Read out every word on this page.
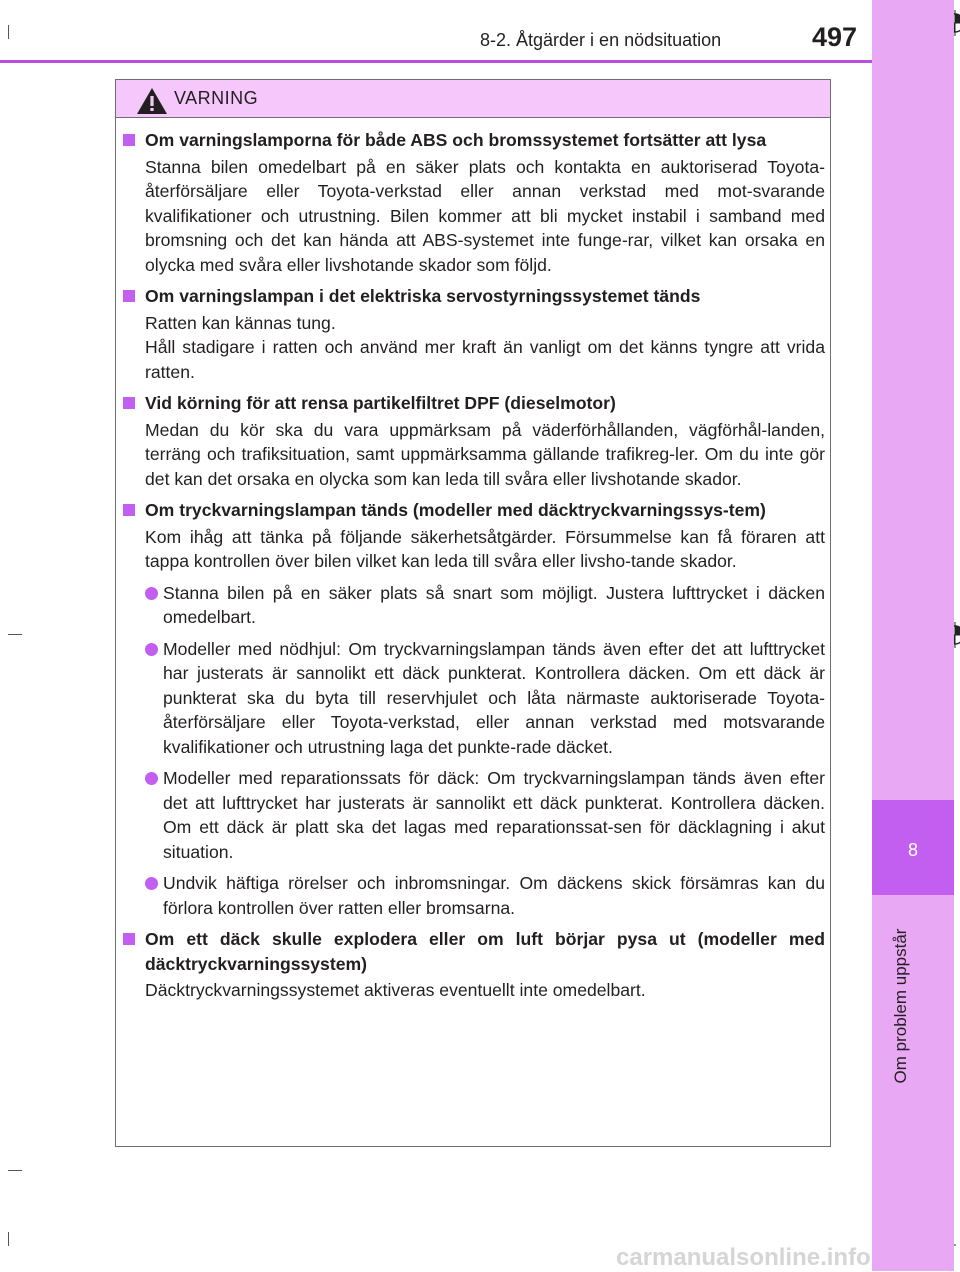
8
Om problem uppstår
8-2. Åtgärder i en nödsituation	497
VARNING
Om varningslamporna för både ABS och bromssystemet fortsätter att lysa
Stanna bilen omedelbart på en säker plats och kontakta en auktoriserad Toyota-återförsäljare eller Toyota-verkstad eller annan verkstad med mot-svarande kvalifikationer och utrustning. Bilen kommer att bli mycket instabil i samband med bromsning och det kan hända att ABS-systemet inte funge-rar, vilket kan orsaka en olycka med svåra eller livshotande skador som följd.
Om varningslampan i det elektriska servostyrningssystemet tänds
Ratten kan kännas tung.
Håll stadigare i ratten och använd mer kraft än vanligt om det känns tyngre att vrida ratten.
Vid körning för att rensa partikelfiltret DPF (dieselmotor)
Medan du kör ska du vara uppmärksam på väderförhållanden, vägförhål-landen, terräng och trafiksituation, samt uppmärksamma gällande trafikreg-ler. Om du inte gör det kan det orsaka en olycka som kan leda till svåra eller livshotande skador.
Om tryckvarningslampan tänds (modeller med däcktryckvarningssys-tem)
Kom ihåg att tänka på följande säkerhetsåtgärder. Försummelse kan få föraren att tappa kontrollen över bilen vilket kan leda till svåra eller livsho-tande skador.
Stanna bilen på en säker plats så snart som möjligt. Justera lufttrycket i däcken omedelbart.
Modeller med nödhjul: Om tryckvarningslampan tänds även efter det att lufttrycket har justerats är sannolikt ett däck punkterat. Kontrollera däcken. Om ett däck är punkterat ska du byta till reservhjulet och låta närmaste auktoriserade Toyota-återförsäljare eller Toyota-verkstad, eller annan verkstad med motsvarande kvalifikationer och utrustning laga det punkte-rade däcket.
Modeller med reparationssats för däck: Om tryckvarningslampan tänds även efter det att lufttrycket har justerats är sannolikt ett däck punkterat. Kontrollera däcken. Om ett däck är platt ska det lagas med reparationssat-sen för däcklagning i akut situation.
Undvik häftiga rörelser och inbromsningar. Om däckens skick försämras kan du förlora kontrollen över ratten eller bromsarna.
Om ett däck skulle explodera eller om luft börjar pysa ut (modeller med däcktryckvarningssystem)
Däcktryckvarningssystemet aktiveras eventuellt inte omedelbart.
carmanualsonline.info
